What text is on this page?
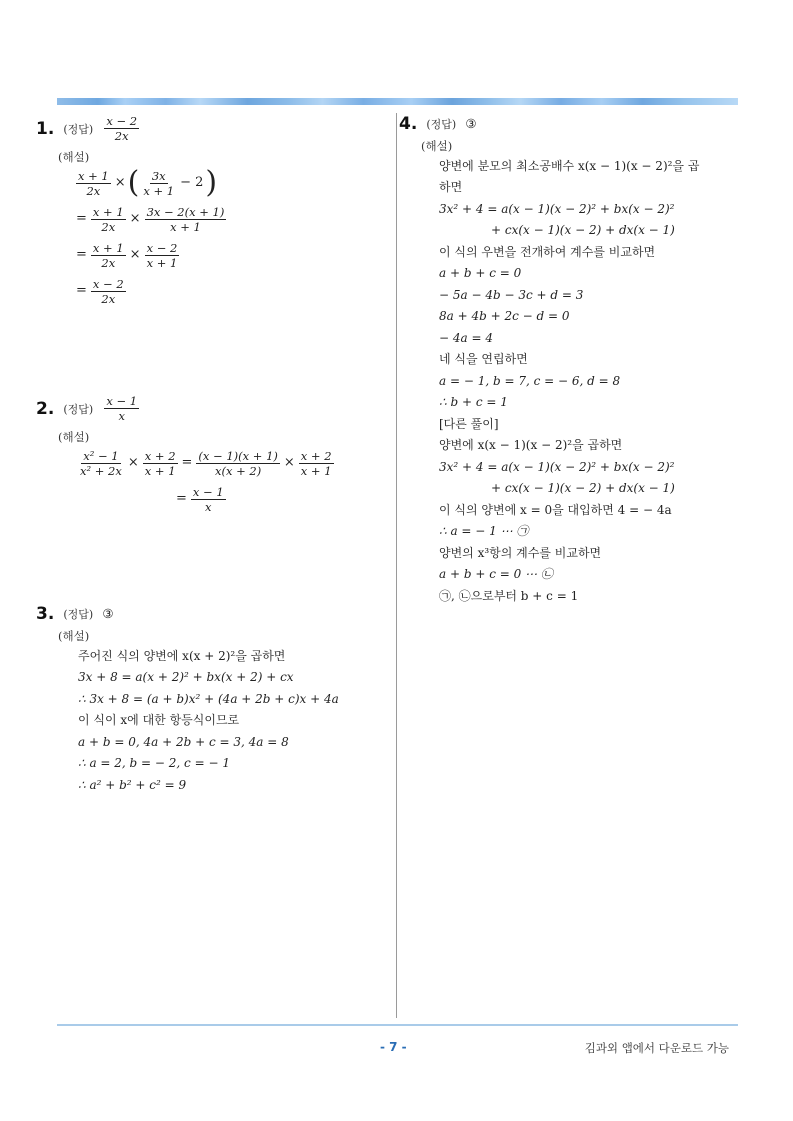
1. (정답) $\frac{x - 2}{2x}$
(해설)
$\frac{x + 1}{2x}$ × ( $\frac{3x}{x + 1} - 2$ )
= $\frac{x + 1}{2x} \times \frac{3x - 2(x + 1)}{x + 1}$
= $\frac{x + 1}{2x} \times \frac{x - 2}{x + 1}$
= $\frac{x - 2}{2x}$
2. (정답) $\frac{x - 1}{x}$
(해설)
$\frac{\text{x² − 1}}{\text{x² + 2x}} \times \frac{x + 2}{x + 1} = \frac{(x - 1)(x + 1)}{x(x + 2)} \times \frac{x + 2}{x + 1}$
= $\frac{x - 1}{x}$
3. (정답) ③
(해설)
주어진 식의 양변에 x(x + 2)²을 곱하면
3x + 8 = a(x + 2)² + bx(x + 2) + cx
∴ 3x + 8 = (a + b)x² + (4a + 2b + c)x + 4a
이 식이 x에 대한 항등식이므로
a + b = 0, 4a + 2b + c = 3, 4a = 8
∴ a = 2, b = − 2, c = − 1
∴ a² + b² + c² = 9
4. (정답) ③
(해설)
양변에 분모의 최소공배수 x(x − 1)(x − 2)²을 곱
하면
3x² + 4 = a(x − 1)(x − 2)² + bx(x − 2)²
+ cx(x − 1)(x − 2) + dx(x − 1)
이 식의 우변을 전개하여 계수를 비교하면
a + b + c = 0
− 5a − 4b − 3c + d = 3
8a + 4b + 2c − d = 0
− 4a = 4
네 식을 연립하면
a = − 1, b = 7, c = − 6, d = 8
∴ b + c = 1
[다른 풀이]
양변에 x(x − 1)(x − 2)²을 곱하면
3x² + 4 = a(x − 1)(x − 2)² + bx(x − 2)²
+ cx(x − 1)(x − 2) + dx(x − 1)
이 식의 양변에 x = 0을 대입하면 4 = − 4a
∴ a = − 1 ⋯ ㉠
양변의 x³항의 계수를 비교하면
a + b + c = 0 ⋯ ㉡
㉠, ㉡으로부터 b + c = 1
- 7 -	김과외 앱에서 다운로드 가능
